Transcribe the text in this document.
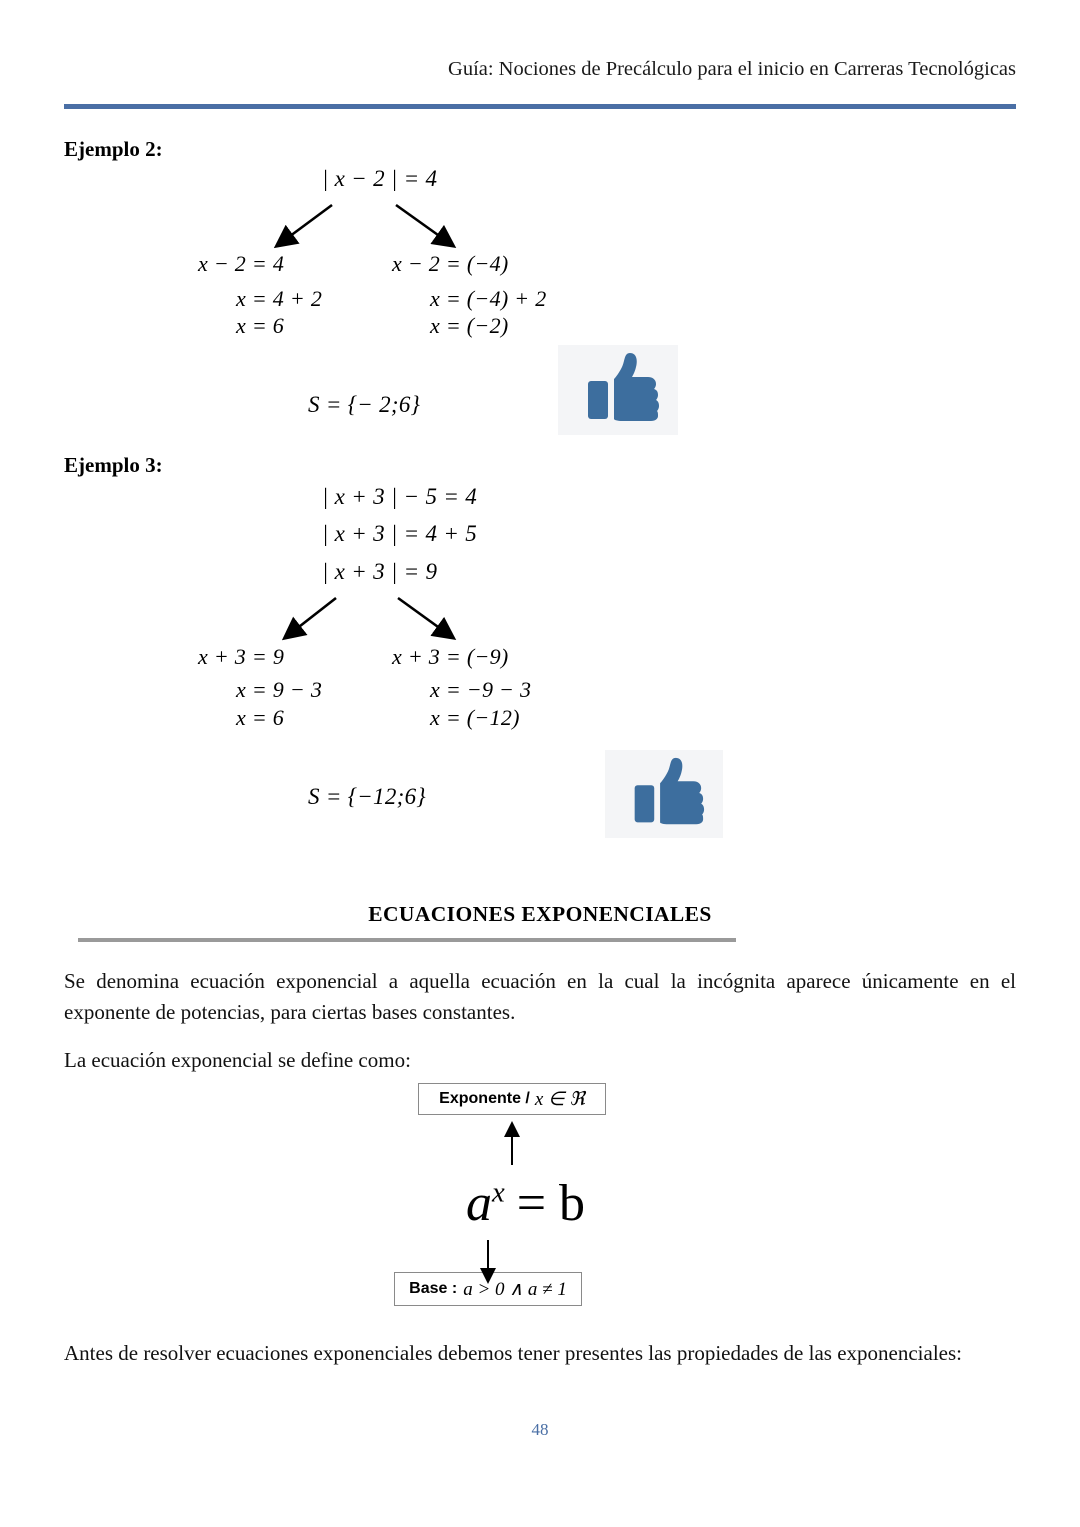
Guía: Nociones de Precálculo para el inicio en Carreras Tecnológicas
Ejemplo 2:
| x − 2 | = 4
x − 2 = 4
x = 4 + 2
x = 6
x − 2 = (−4)
x = (−4) + 2
x = (−2)
S = {− 2;6}
Ejemplo 3:
| x + 3 | − 5 = 4
| x + 3 | = 4 + 5
| x + 3 | = 9
x + 3 = 9
x = 9 − 3
x = 6
x + 3 = (−9)
x = −9 − 3
x = (−12)
S = {−12;6}
ECUACIONES EXPONENCIALES
Se denomina ecuación exponencial a aquella ecuación en la cual la incógnita aparece únicamente en el exponente de potencias, para ciertas bases constantes.
La ecuación exponencial se define como:
Exponente / x ∈ ℜ
$a^x = b$
Base : a > 0 ∧ a ≠ 1
Antes de resolver ecuaciones exponenciales debemos tener presentes las propiedades de las exponenciales:
48
